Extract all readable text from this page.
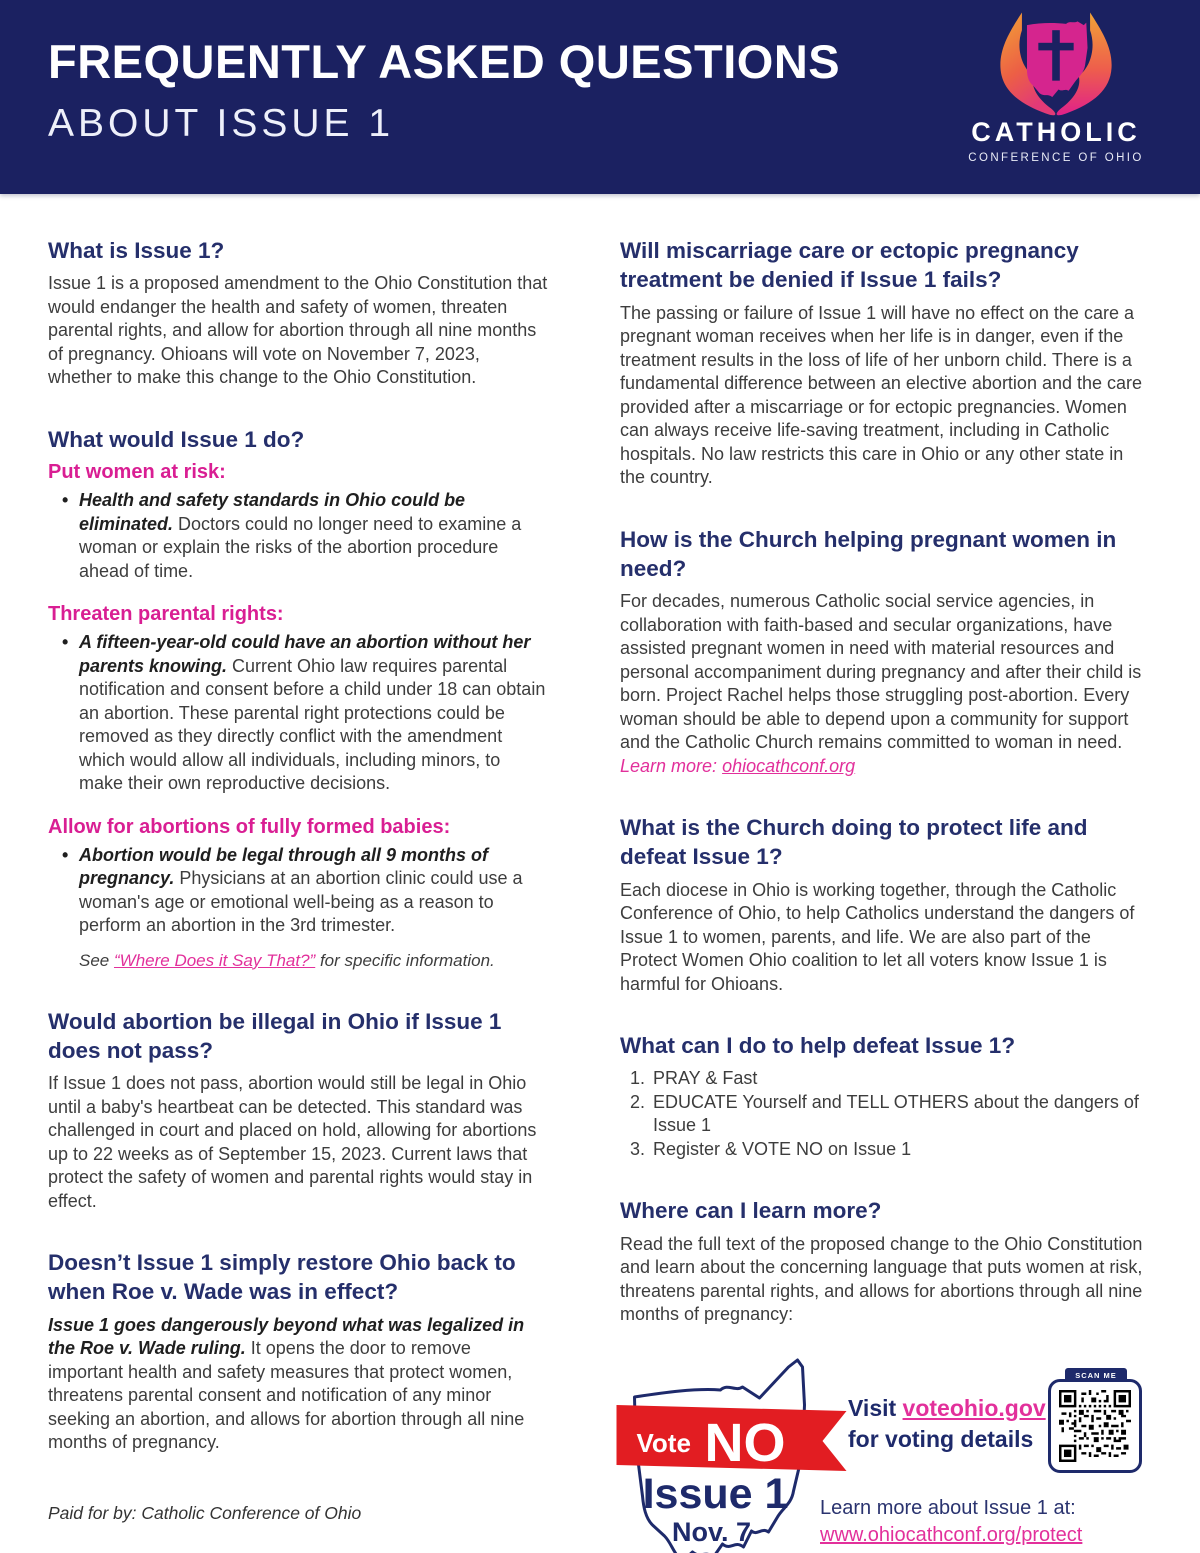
FREQUENTLY ASKED QUESTIONS
ABOUT ISSUE 1	CATHOLIC
CONFERENCE OF OHIO
What is Issue 1?

Issue 1 is a proposed amendment to the Ohio Constitution that would endanger the health and safety of women, threaten parental rights, and allow for abortion through all nine months of pregnancy. Ohioans will vote on November 7, 2023, whether to make this change to the Ohio Constitution.

What would Issue 1 do?
Put women at risk:
• Health and safety standards in Ohio could be eliminated. Doctors could no longer need to examine a woman or explain the risks of the abortion procedure ahead of time.
Threaten parental rights:
• A fifteen-year-old could have an abortion without her parents knowing. Current Ohio law requires parental notification and consent before a child under 18 can obtain an abortion. These parental right protections could be removed as they directly conflict with the amendment which would allow all individuals, including minors, to make their own reproductive decisions.
Allow for abortions of fully formed babies:
• Abortion would be legal through all 9 months of pregnancy. Physicians at an abortion clinic could use a woman's age or emotional well-being as a reason to perform an abortion in the 3rd trimester.

See “Where Does it Say That?” for specific information.

Would abortion be illegal in Ohio if Issue 1 does not pass?

If Issue 1 does not pass, abortion would still be legal in Ohio until a baby's heartbeat can be detected. This standard was challenged in court and placed on hold, allowing for abortions up to 22 weeks as of September 15, 2023. Current laws that protect the safety of women and parental rights would stay in effect.

Doesn’t Issue 1 simply restore Ohio back to when Roe v. Wade was in effect?

Issue 1 goes dangerously beyond what was legalized in the Roe v. Wade ruling. It opens the door to remove important health and safety measures that protect women, threatens parental consent and notification of any minor seeking an abortion, and allows for abortion through all nine months of pregnancy.

Paid for by: Catholic Conference of Ohio

Will miscarriage care or ectopic pregnancy treatment be denied if Issue 1 fails?

The passing or failure of Issue 1 will have no effect on the care a pregnant woman receives when her life is in danger, even if the treatment results in the loss of life of her unborn child. There is a fundamental difference between an elective abortion and the care provided after a miscarriage or for ectopic pregnancies. Women can always receive life-saving treatment, including in Catholic hospitals. No law restricts this care in Ohio or any other state in the country.

How is the Church helping pregnant women in need?

For decades, numerous Catholic social service agencies, in collaboration with faith-based and secular organizations, have assisted pregnant women in need with material resources and personal accompaniment during pregnancy and after their child is born. Project Rachel helps those struggling post-abortion. Every woman should be able to depend upon a community for support and the Catholic Church remains committed to woman in need.

Learn more: ohiocathconf.org

What is the Church doing to protect life and defeat Issue 1?

Each diocese in Ohio is working together, through the Catholic Conference of Ohio, to help Catholics understand the dangers of Issue 1 to women, parents, and life. We are also part of the Protect Women Ohio coalition to let all voters know Issue 1 is harmful for Ohioans.

What can I do to help defeat Issue 1?
1. PRAY & Fast
2. EDUCATE Yourself and TELL OTHERS about the dangers of Issue 1
3. Register & VOTE NO on Issue 1
Where can I learn more?

Read the full text of the proposed change to the Ohio Constitution and learn about the concerning language that puts women at risk, threatens parental rights, and allows for abortions through all nine months of pregnancy:

Vote NO
Issue 1
Nov. 7
Visit voteohio.gov
for voting details
SCAN ME
Learn more about Issue 1 at:
www.ohiocathconf.org/protect
